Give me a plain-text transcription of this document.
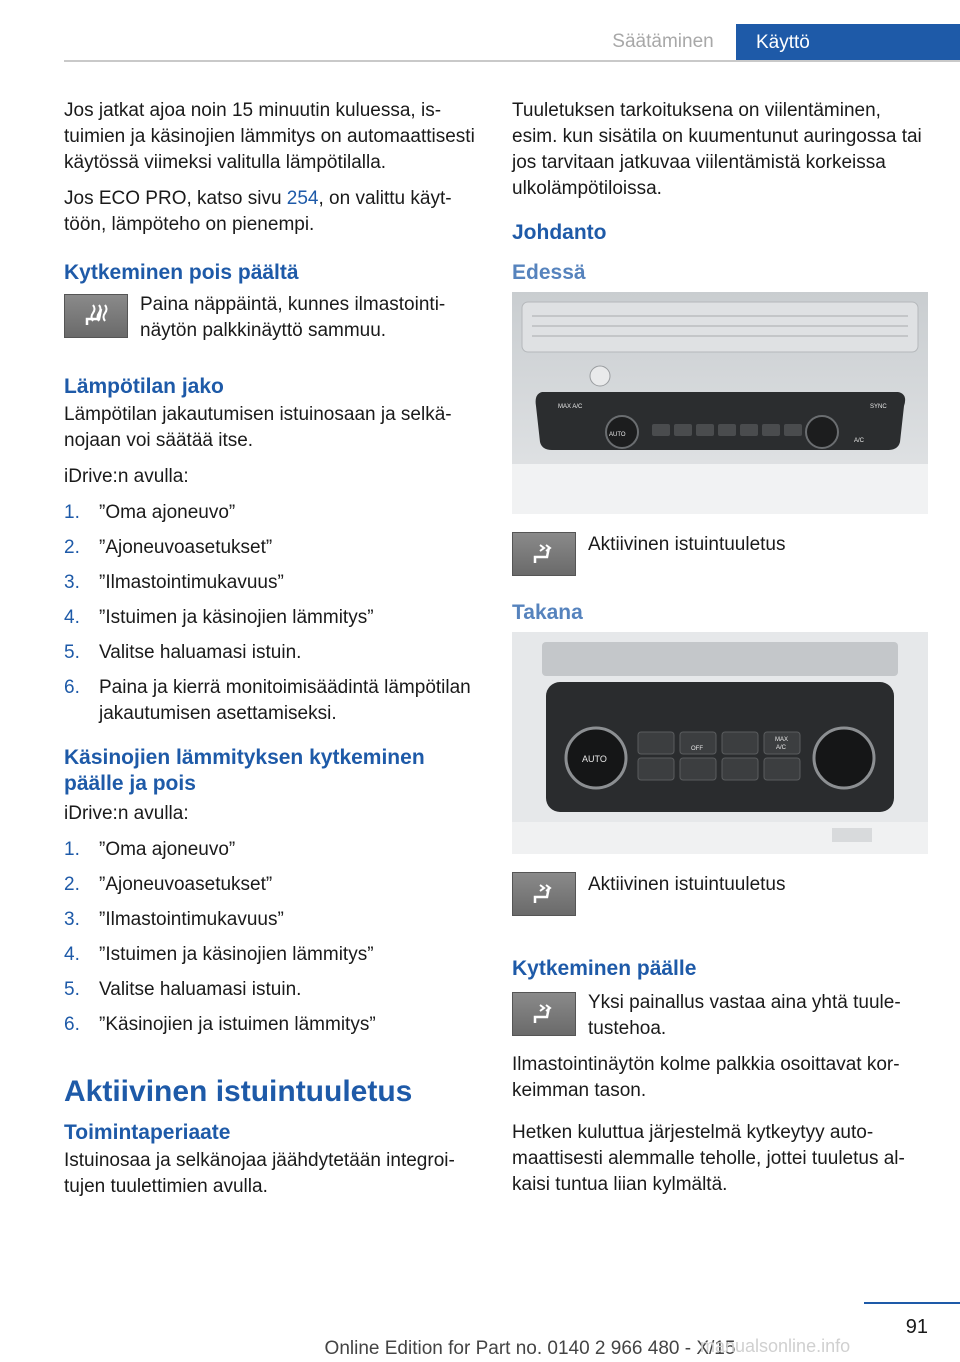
Säätäminen	Käyttö

Jos jatkat ajoa noin 15 minuutin kuluessa, istuimien ja käsinojien lämmitys on automaattisesti käytössä viimeksi valitulla lämpötilalla.

Jos ECO PRO, katso sivu 254, on valittu käyttöön, lämpöteho on pienempi.

Kytkeminen pois päältä
Paina näppäintä, kunnes ilmastointinäytön palkkinäyttö sammuu.
Lämpötilan jako

Lämpötilan jakautumisen istuinosaan ja selkänojaan voi säätää itse.

iDrive:n avulla:

1.	”Oma ajoneuvo”
2.	”Ajoneuvoasetukset”
3.	”Ilmastointimukavuus”
4.	”Istuimen ja käsinojien lämmitys”
5.	Valitse haluamasi istuin.
6.	Paina ja kierrä monitoimisäädintä lämpötilan jakautumisen asettamiseksi.
Käsinojien lämmityksen kytkeminen päälle ja pois

iDrive:n avulla:

1.	”Oma ajoneuvo”
2.	”Ajoneuvoasetukset”
3.	”Ilmastointimukavuus”
4.	”Istuimen ja käsinojien lämmitys”
5.	Valitse haluamasi istuin.
6.	”Käsinojien ja istuimen lämmitys”
Aktiivinen istuintuuletus
Toimintaperiaate

Istuinosaa ja selkänojaa jäähdytetään integroitujen tuulettimien avulla.

Tuuletuksen tarkoituksena on viilentäminen, esim. kun sisätila on kuumentunut auringossa tai jos tarvitaan jatkuvaa viilentämistä korkeissa ulkolämpötiloissa.

Johdanto
Edessä
MAX A/C
AUTO
SYNC
A/C
Aktiivinen istuintuuletus
Takana
AUTO
OFF
MAX
A/C
Aktiivinen istuintuuletus
Kytkeminen päälle
Yksi painallus vastaa aina yhtä tuuletustehoa.

Ilmastointinäytön kolme palkkia osoittavat korkeimman tason.

Hetken kuluttua järjestelmä kytkeytyy automaattisesti alemmalle teholle, jottei tuuletus alkaisi tuntua liian kylmältä.

91
Online Edition for Part no. 0140 2 966 480 - X/15
manualsonline.info
